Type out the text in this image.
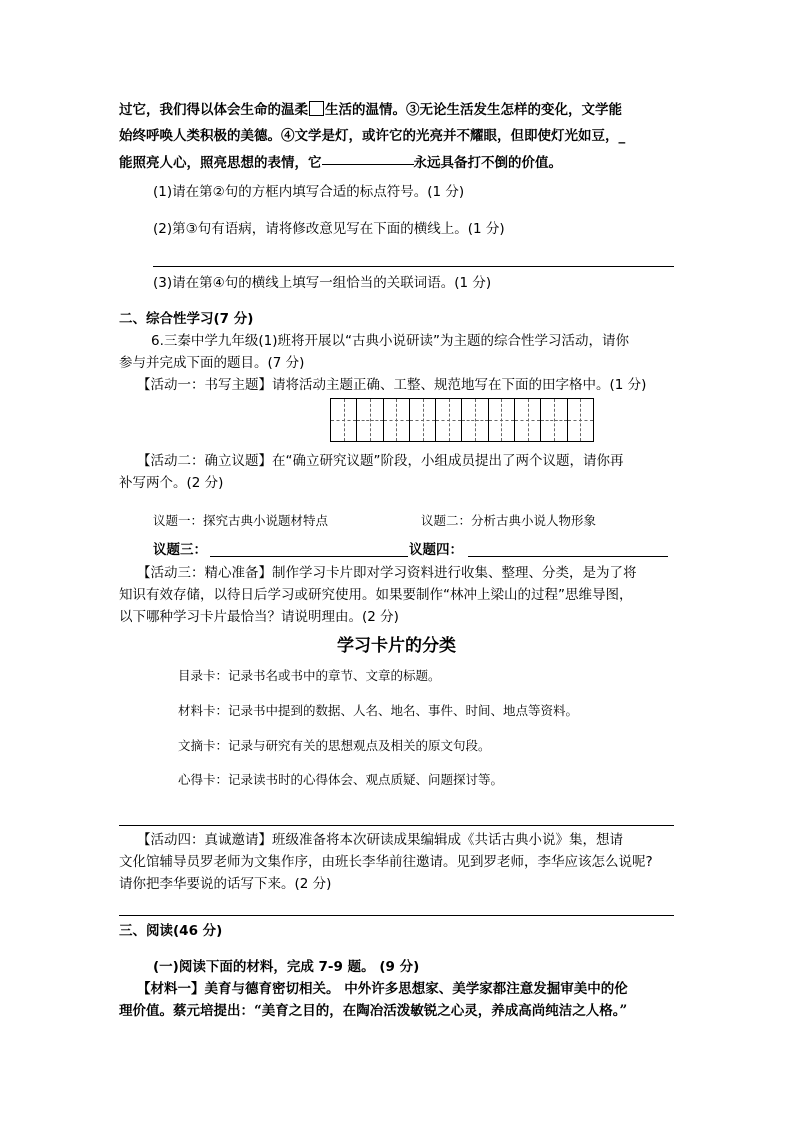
过它，我们得以体会生命的温柔 生活的温情。③无论生活发生怎样的变化，文学能
始终呼唤人类积极的美德。④文学是灯，或许它的光亮并不耀眼，但即使灯光如豆，_
能照亮人心，照亮思想的表情，它	永远具备打不倒的价值。
(1)请在第②句的方框内填写合适的标点符号。(1 分)
(2)第③句有语病，请将修改意见写在下面的横线上。(1 分)
(3)请在第④句的横线上填写一组恰当的关联词语。(1 分)
二、综合性学习(7 分)
6.三秦中学九年级(1)班将开展以“古典小说研读”为主题的综合性学习活动，请你
参与并完成下面的题目。(7 分)
【活动一：书写主题】请将活动主题正确、工整、规范地写在下面的田字格中。(1 分)
【活动二：确立议题】在“确立研究议题”阶段，小组成员提出了两个议题，请你再
补写两个。(2 分)
议题一：探究古典小说题材特点	议题二：分析古典小说人物形象
议题三：	议题四：
【活动三：精心准备】制作学习卡片即对学习资料进行收集、整理、分类，是为了将
知识有效存储，以待日后学习或研究使用。如果要制作“林冲上梁山的过程”思维导图，
以下哪种学习卡片最恰当？请说明理由。(2 分)
学习卡片的分类
目录卡：记录书名或书中的章节、文章的标题。
材料卡：记录书中提到的数据、人名、地名、事件、时间、地点等资料。
文摘卡：记录与研究有关的思想观点及相关的原文句段。
心得卡：记录读书时的心得体会、观点质疑、问题探讨等。
【活动四：真诚邀请】班级准备将本次研读成果编辑成《共话古典小说》集，想请
文化馆辅导员罗老师为文集作序，由班长李华前往邀请。见到罗老师，李华应该怎么说呢?
请你把李华要说的话写下来。(2 分)
三、阅读(46 分)
(一)阅读下面的材料，完成 7-9 题。 (9 分)
【材料一】美育与德育密切相关。 中外许多思想家、美学家都注意发掘审美中的伦
理价值。蔡元培提出：“美育之目的，在陶冶活泼敏锐之心灵，养成高尚纯洁之人格。”
